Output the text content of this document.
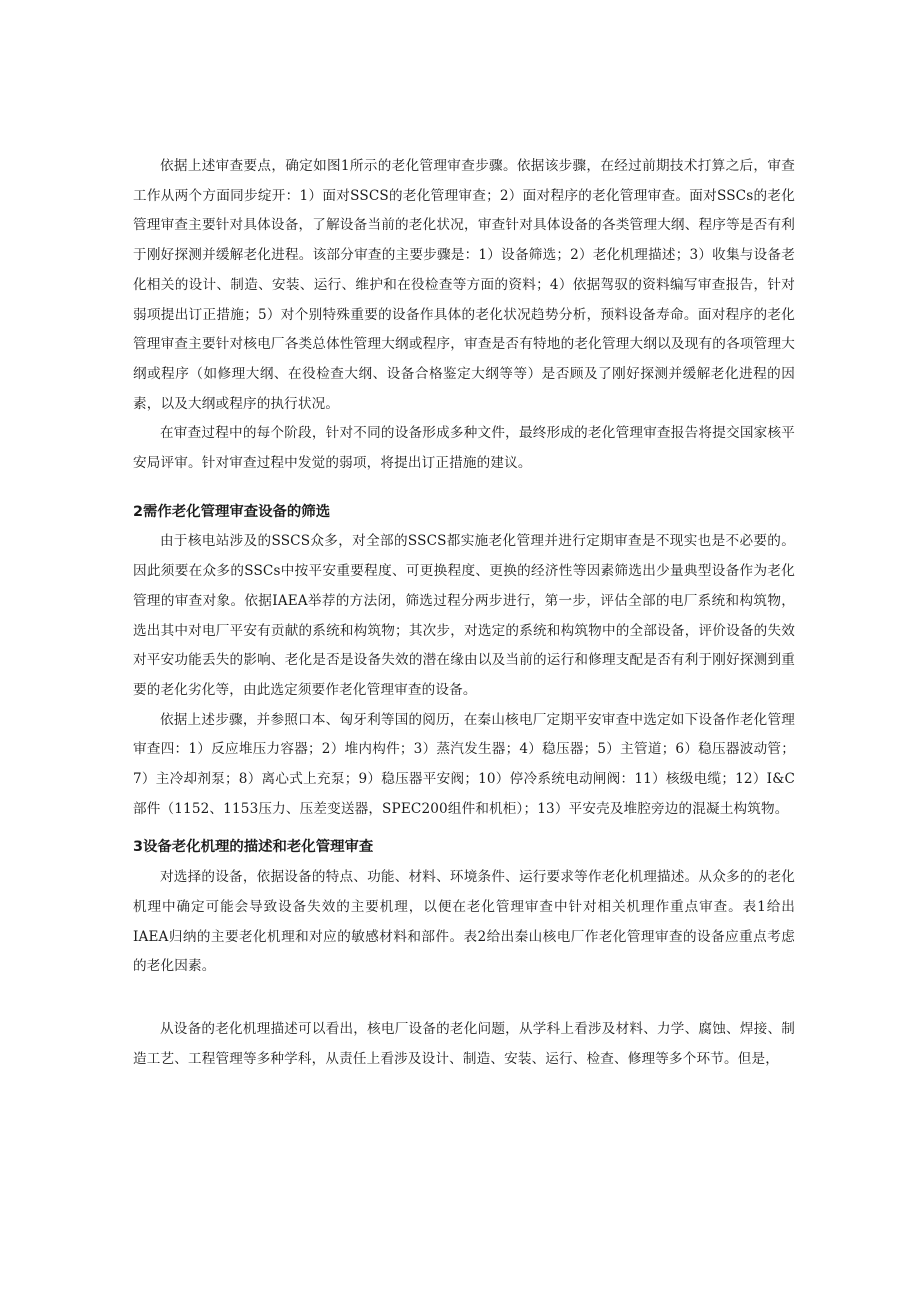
依据上述审查要点，确定如图1所示的老化管理审查步骤。依据该步骤，在经过前期技术打算之后，审查工作从两个方面同步绽开：1）面对SSCS的老化管理审查；2）面对程序的老化管理审查。面对SSCs的老化管理审查主要针对具体设备，了解设备当前的老化状况，审查针对具体设备的各类管理大纲、程序等是否有利于刚好探测并缓解老化进程。该部分审查的主要步骤是：1）设备筛选；2）老化机理描述；3）收集与设备老化相关的设计、制造、安装、运行、维护和在役检查等方面的资料；4）依据驾驭的资料编写审查报告，针对弱项提出订正措施；5）对个别特殊重要的设备作具体的老化状况趋势分析，预料设备寿命。面对程序的老化管理审查主要针对核电厂各类总体性管理大纲或程序，审查是否有特地的老化管理大纲以及现有的各项管理大纲或程序（如修理大纲、在役检查大纲、设备合格鉴定大纲等等）是否顾及了刚好探测并缓解老化进程的因素，以及大纲或程序的执行状况。

在审查过程中的每个阶段，针对不同的设备形成多种文件，最终形成的老化管理审查报告将提交国家核平安局评审。针对审查过程中发觉的弱项，将提出订正措施的建议。

2需作老化管理审查设备的筛选

由于核电站涉及的SSCS众多，对全部的SSCS都实施老化管理并进行定期审查是不现实也是不必要的。因此须要在众多的SSCs中按平安重要程度、可更换程度、更换的经济性等因素筛选出少量典型设备作为老化管理的审查对象。依据IAEA举荐的方法闭，筛选过程分两步进行，第一步，评估全部的电厂系统和构筑物，选出其中对电厂平安有贡献的系统和构筑物；其次步，对选定的系统和构筑物中的全部设备，评价设备的失效对平安功能丢失的影响、老化是否是设备失效的潜在缘由以及当前的运行和修理支配是否有利于刚好探测到重要的老化劣化等，由此选定须要作老化管理审查的设备。

依据上述步骤，并参照口本、匈牙利等国的阅历，在秦山核电厂定期平安审查中选定如下设备作老化管理审查四：1）反应堆压力容器；2）堆内构件；3）蒸汽发生器；4）稳压器；5）主管道；6）稳压器波动管；7）主冷却剂泵；8）离心式上充泵；9）稳压器平安阀；10）停冷系统电动闸阀：11）核级电缆；12）I&C部件（1152、1153压力、压差变送器，SPEC200组件和机柜）；13）平安壳及堆腔旁边的混凝土构筑物。

3设备老化机理的描述和老化管理审查

对选择的设备，依据设备的特点、功能、材料、环境条件、运行要求等作老化机理描述。从众多的的老化机理中确定可能会导致设备失效的主要机理，以便在老化管理审查中针对相关机理作重点审查。表1给出IAEA归纳的主要老化机理和对应的敏感材料和部件。表2给出秦山核电厂作老化管理审查的设备应重点考虑的老化因素。

从设备的老化机理描述可以看出，核电厂设备的老化问题，从学科上看涉及材料、力学、腐蚀、焊接、制造工艺、工程管理等多种学科，从责任上看涉及设计、制造、安装、运行、检查、修理等多个环节。但是，
